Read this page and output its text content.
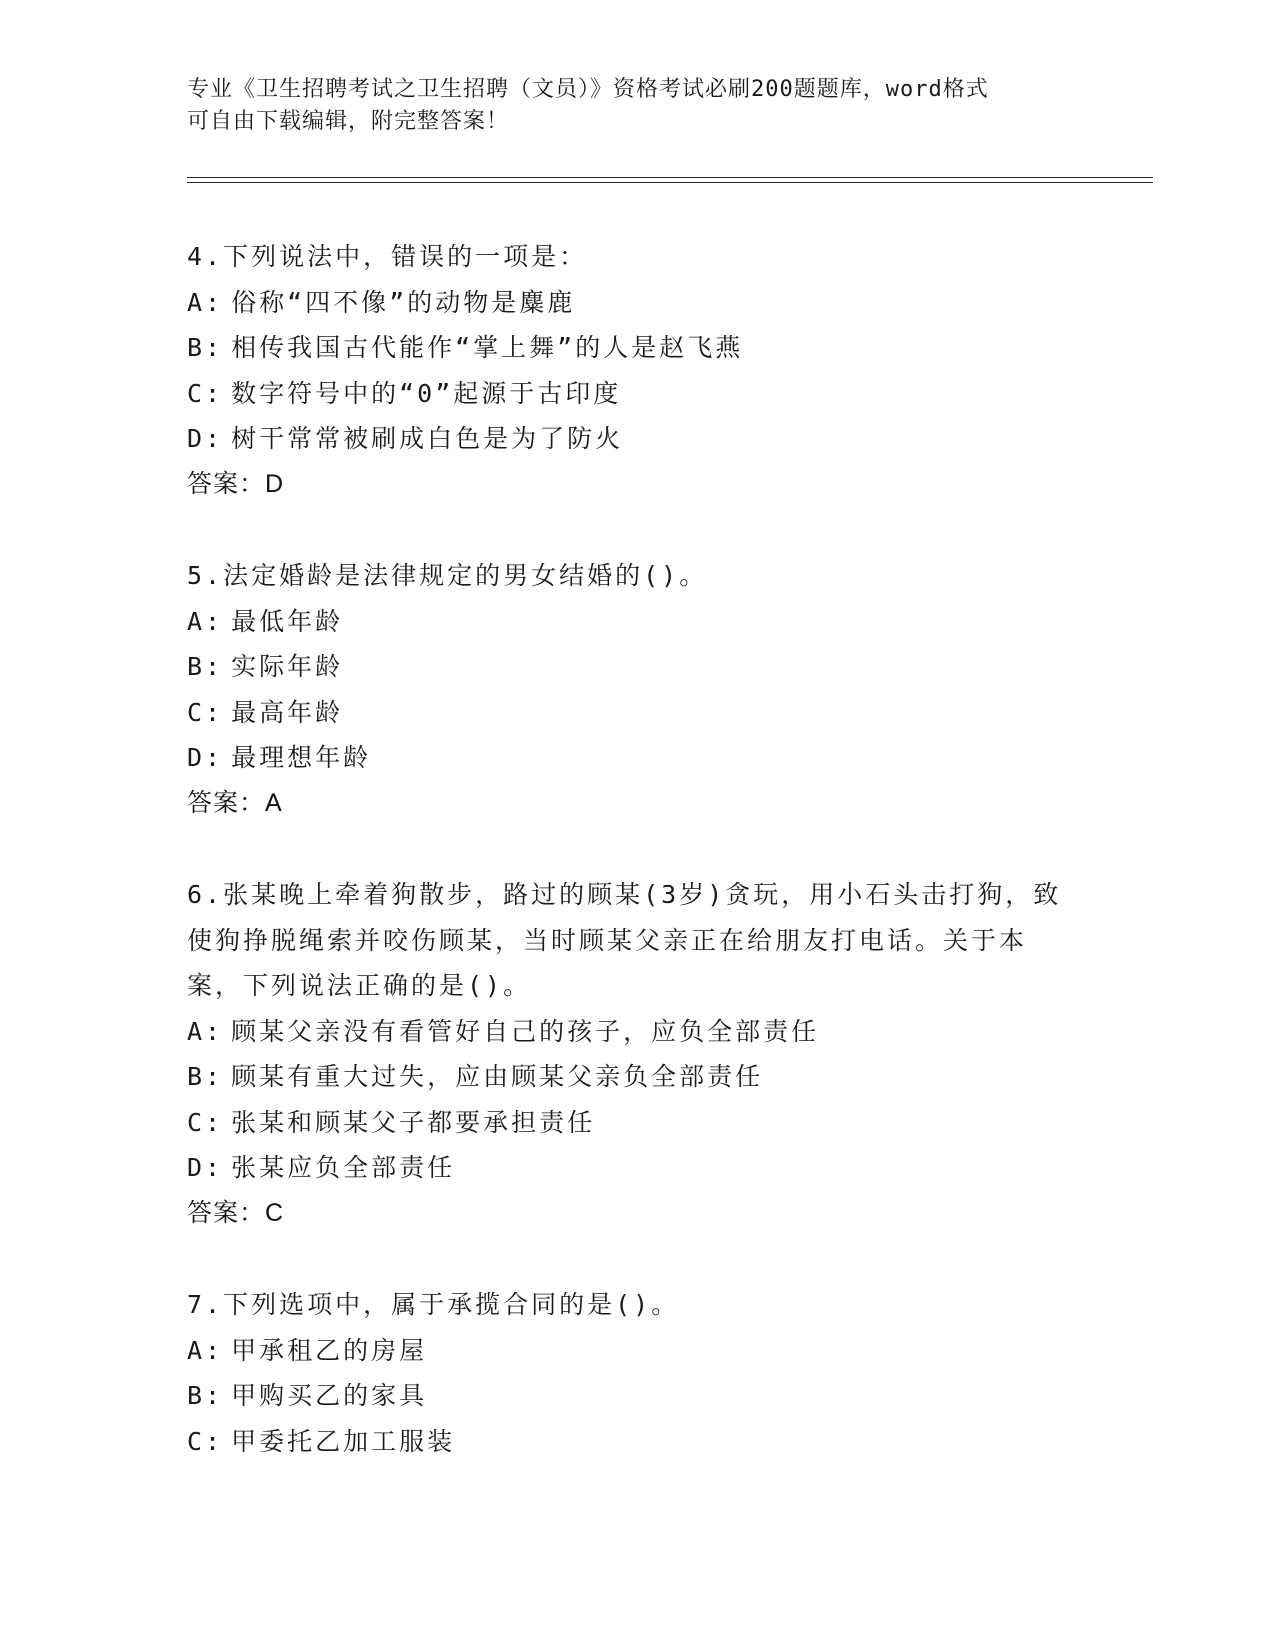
专业《卫生招聘考试之卫生招聘（文员）》资格考试必刷200题题库，word格式
可自由下载编辑，附完整答案！
4.下列说法中，错误的一项是：
A: 俗称“四不像”的动物是麋鹿
B: 相传我国古代能作“掌上舞”的人是赵飞燕
C: 数字符号中的“0”起源于古印度
D: 树干常常被刷成白色是为了防火
答案：D
5.法定婚龄是法律规定的男女结婚的()。
A: 最低年龄
B: 实际年龄
C: 最高年龄
D: 最理想年龄
答案：A
6.张某晚上牵着狗散步，路过的顾某(3岁)贪玩，用小石头击打狗，致
使狗挣脱绳索并咬伤顾某，当时顾某父亲正在给朋友打电话。关于本
案，下列说法正确的是()。
A: 顾某父亲没有看管好自己的孩子，应负全部责任
B: 顾某有重大过失，应由顾某父亲负全部责任
C: 张某和顾某父子都要承担责任
D: 张某应负全部责任
答案：C
7.下列选项中，属于承揽合同的是()。
A: 甲承租乙的房屋
B: 甲购买乙的家具
C: 甲委托乙加工服装
